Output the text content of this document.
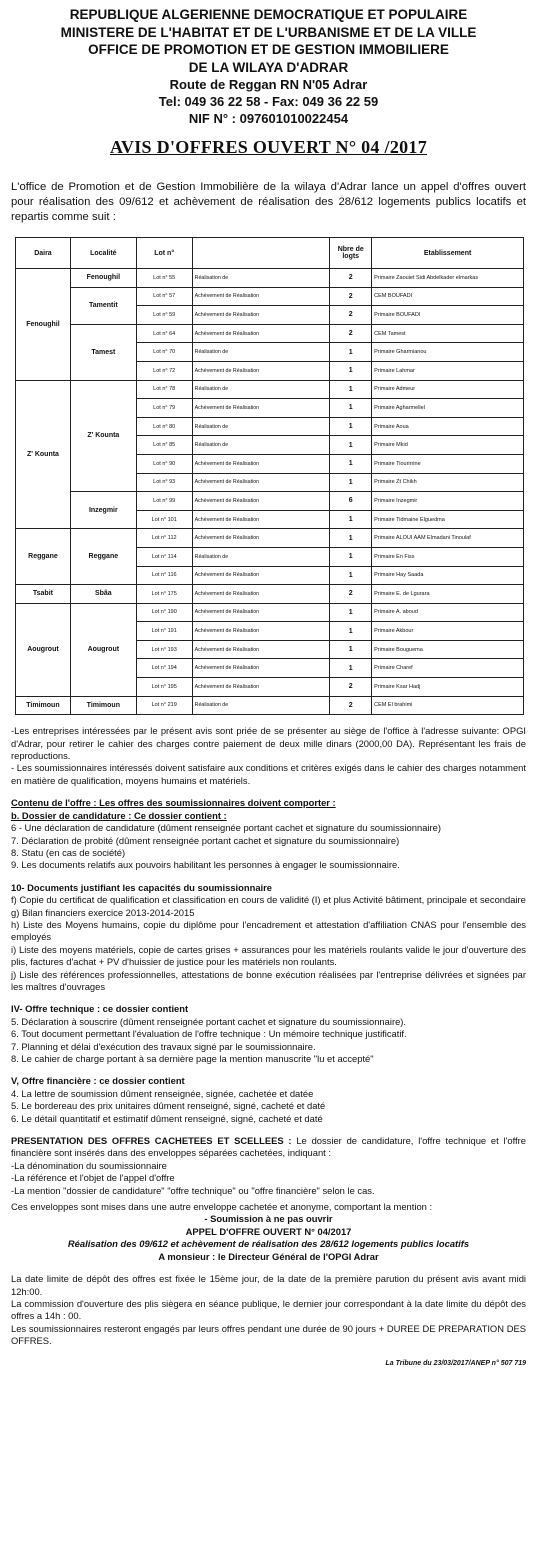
REPUBLIQUE ALGERIENNE DEMOCRATIQUE ET POPULAIRE
MINISTERE DE L'HABITAT ET DE L'URBANISME ET DE LA VILLE
OFFICE DE PROMOTION ET DE GESTION IMMOBILIERE
DE LA WILAYA D'ADRAR
Route de Reggan RN N'05 Adrar
Tel: 049 36 22 58 - Fax: 049 36 22 59
NIF N° : 097601010022454
AVIS D'OFFRES OUVERT N° 04 /2017
L'office de Promotion et de Gestion Immobilière de la wilaya d'Adrar lance un appel d'offres ouvert pour réalisation des 09/612 et achèvement de réalisation des 28/612 logements publics locatifs et repartis comme suit :
Daira	Localité	Lot n°		Nbre de logts	Etablissement
Fenoughil	Fenoughil	Lot n° 55	Réalisation de	2	Primaire Zaouiet Sidi Abdelkader elmarkas
	Tamentit	Lot n° 57	Achèvement de Réalisation	2	CEM BOUFADI
		Lot n° 59	Achèvement de Réalisation	2	Primaire BOUFADI
	Tamest	Lot n° 64	Achèvement de Réalisation	2	CEM Tamest
		Lot n° 70	Réalisation de	1	Primaire Gharmianou
		Lot n° 72	Achèvement de Réalisation	1	Primaire Lahmar
Z' Kounta	Z' Kounta	Lot n° 78	Réalisation de	1	Primaire Admeur
		Lot n° 79	Achèvement de Réalisation	1	Primaire Agharmeliel
		Lot n° 80	Réalisation de	1	Primaire Aoua
		Lot n° 85	Réalisation de	1	Primaire Mkid
		Lot n° 90	Achèvement de Réalisation	1	Primaire Tiourirrine
		Lot n° 93	Achèvement de Réalisation	1	Primaire Zt Chikh
	Inzegmir	Lot n° 99	Achèvement de Réalisation	6	Primaire Inzegmir
		Lot n° 101	Achèvement de Réalisation	1	Primaire Tidmaine Elguedma
Reggane	Reggane	Lot n° 112	Achèvement de Réalisation	1	Primaire ALOUI AAM Elmadani Tinoulaf
		Lot n° 114	Réalisation de	1	Primaire En Fiss
		Lot n° 116	Achèvement de Réalisation	1	Primaire Hay Saada
Tsabit	Sbâa	Lot n° 175	Achèvement de Réalisation	2	Primaire E. de Lgurara
Aougrout	Aougrout	Lot n° 190	Achèvement de Réalisation	1	Primaire A. aboud
		Lot n° 191	Achèvement de Réalisation	1	Primaire Akbour
		Lot n° 193	Achèvement de Réalisation	1	Primaire Bouguema
		Lot n° 194	Achèvement de Réalisation	1	Primaire Charef
		Lot n° 195	Achèvement de Réalisation	2	Primaire Ksar Hadj
Timimoun	Timimoun	Lot n° 219	Réalisation de	2	CEM El brahimi

-Les entreprises intéressées par le présent avis sont priée de se présenter au siège de l'office à l'adresse suivante: OPGI d'Adrar, pour retirer le cahier des charges contre paiement de deux mille dinars (2000,00 DA). Représentant les frais de reproductions.

- Les soumissionnaires intéressés doivent satisfaire aux conditions et critères exigés dans le cahier des charges notamment en matière de qualification, moyens humains et matériels.

Contenu de l'offre : Les offres des soumissionnaires doivent comporter :

b. Dossier de candidature : Ce dossier contient :

6 - Une déclaration de candidature (dûment renseignée portant cachet et signature du soumissionnaire)

7. Déclaration de probité (dûment renseignée portant cachet et signature du soumissionnaire)

8. Statu (en cas de société)

9. Les documents relatifs aux pouvoirs habilitant les personnes à engager le soumissionnaire.

10- Documents justifiant les capacités du soumissionnaire

f) Copie du certificat de qualification et classification en cours de validité (I) et plus Activité bâtiment, principale et secondaire

g) Bilan financiers exercice 2013-2014-2015

h) Liste des Moyens humains, copie du diplôme pour l'encadrement et attestation d'affiliation CNAS pour l'ensemble des employés

i) Liste des moyens matériels, copie de cartes grises + assurances pour les matériels roulants valide le jour d'ouverture des plis, factures d'achat + PV d'huissier de justice pour les matériels non roulants.

j) Lisle des références professionnelles, attestations de bonne exécution réalisées par l'entreprise délivrées et signées par les maîtres d'ouvrages

IV- Offre technique : ce dossier contient

5. Déclaration à souscrire (dûment renseignée portant cachet et signature du soumissionnaire).

6. Tout document permettant l'évaluation de l'offre technique : Un mémoire technique justificatif.

7. Planning et délai d'exécution des travaux signé par le soumissionnaire.

8. Le cahier de charge portant à sa dernière page la mention manuscrite "lu et accepté"

V, Offre financière : ce dossier contient

4. La lettre de soumission dûment renseignée, signée, cachetée et datée

5. Le bordereau des prix unitaires dûment renseigné, signé, cacheté et daté

6. Le détail quantitatif et estimatif dûment renseigné, signé, cacheté et daté

PRESENTATION DES OFFRES CACHETEES ET SCELLEES : Le dossier de candidature, l'offre technique et l'offre financière sont insérés dans des enveloppes séparées cachetées, indiquant :

-La dénomination du soumissionnaire

-La référence et l'objet de l'appel d'offre

-La mention "dossier de candidature" "offre technique" ou "offre financière" selon le cas.

Ces enveloppes sont mises dans une autre enveloppe cachetée et anonyme, comportant la mention :

- Soumission à ne pas ouvrir

APPEL D'OFFRE OUVERT N° 04/2017

Réalisation des 09/612 et achèvement de réalisation des 28/612 logements publics locatifs

A monsieur : le Directeur Général de l'OPGI Adrar

La date limite de dépôt des offres est fixée le 15ème jour, de la date de la première parution du présent avis avant midi 12h:00.

La commission d'ouverture des plis siègera en séance publique, le dernier jour correspondant à la date limite du dépôt des offres a 14h : 00.

Les soumissionnaires resteront engagés par leurs offres pendant une durée de 90 jours + DUREE DE PREPARATION DES OFFRES.

La Tribune du 23/03/2017/ANEP n° 507 719
